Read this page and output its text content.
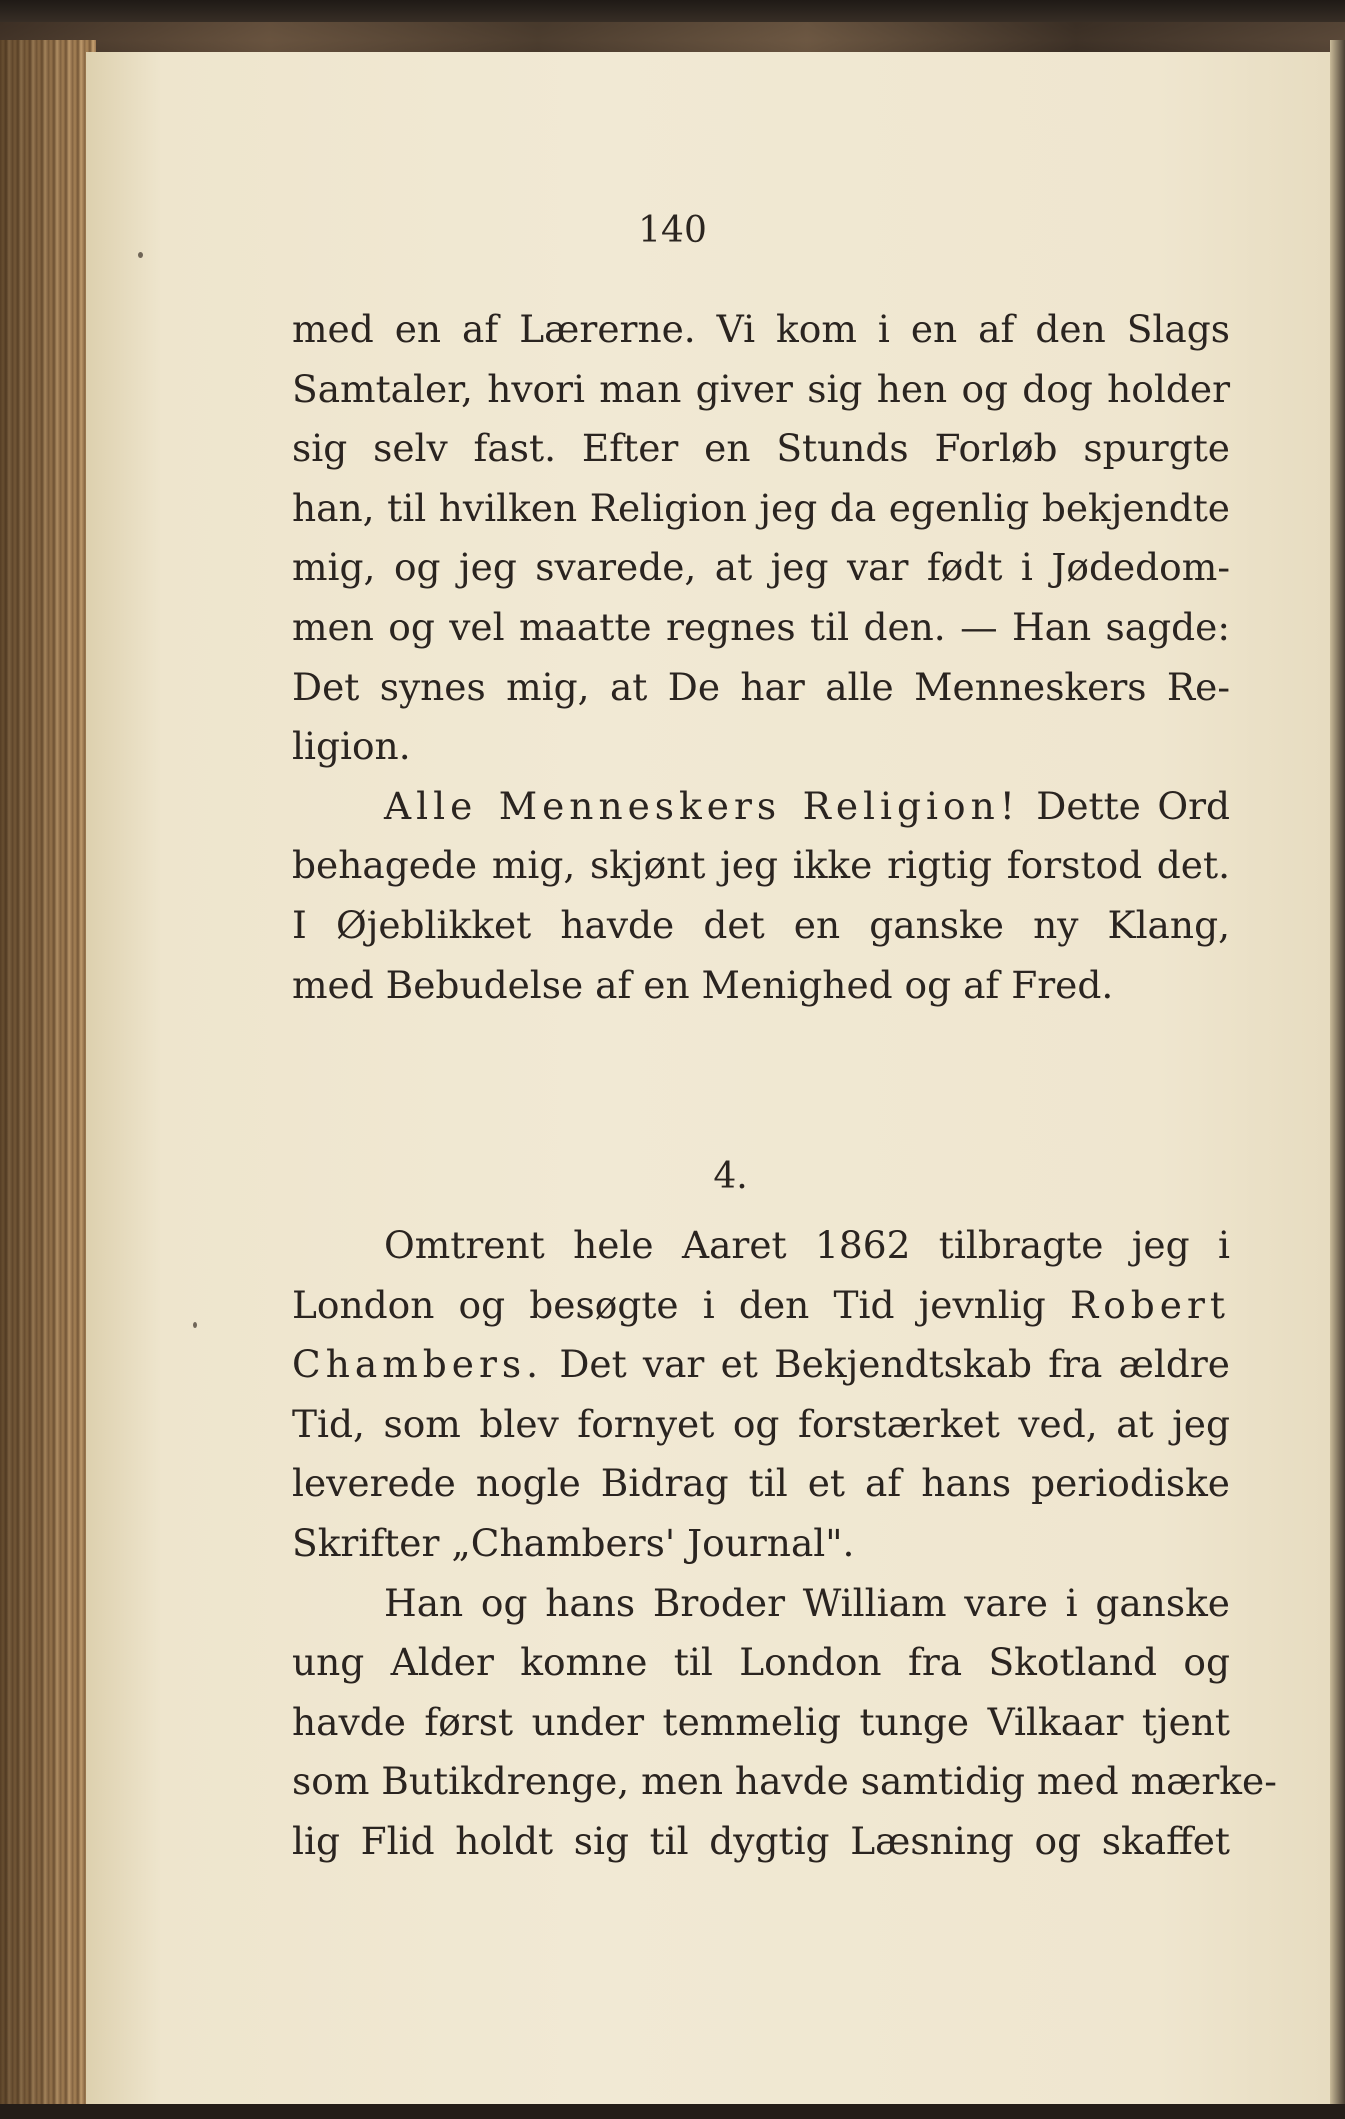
140
med en af Lærerne. Vi kom i en af den Slags
Samtaler, hvori man giver sig hen og dog holder
sig selv fast. Efter en Stunds Forløb spurgte
han, til hvilken Religion jeg da egenlig bekjendte
mig, og jeg svarede, at jeg var født i Jødedom-
men og vel maatte regnes til den. — Han sagde:
Det synes mig, at De har alle Menneskers Re-
ligion.
Alle Menneskers Religion! Dette Ord
behagede mig, skjønt jeg ikke rigtig forstod det.
I Øjeblikket havde det en ganske ny Klang,
med Bebudelse af en Menighed og af Fred.
4.
Omtrent hele Aaret 1862 tilbragte jeg i
London og besøgte i den Tid jevnlig Robert
Chambers. Det var et Bekjendtskab fra ældre
Tid, som blev fornyet og forstærket ved, at jeg
leverede nogle Bidrag til et af hans periodiske
Skrifter „Chambers' Journal".
Han og hans Broder William vare i ganske
ung Alder komne til London fra Skotland og
havde først under temmelig tunge Vilkaar tjent
som Butikdrenge, men havde samtidig med mærke-
lig Flid holdt sig til dygtig Læsning og skaffet
